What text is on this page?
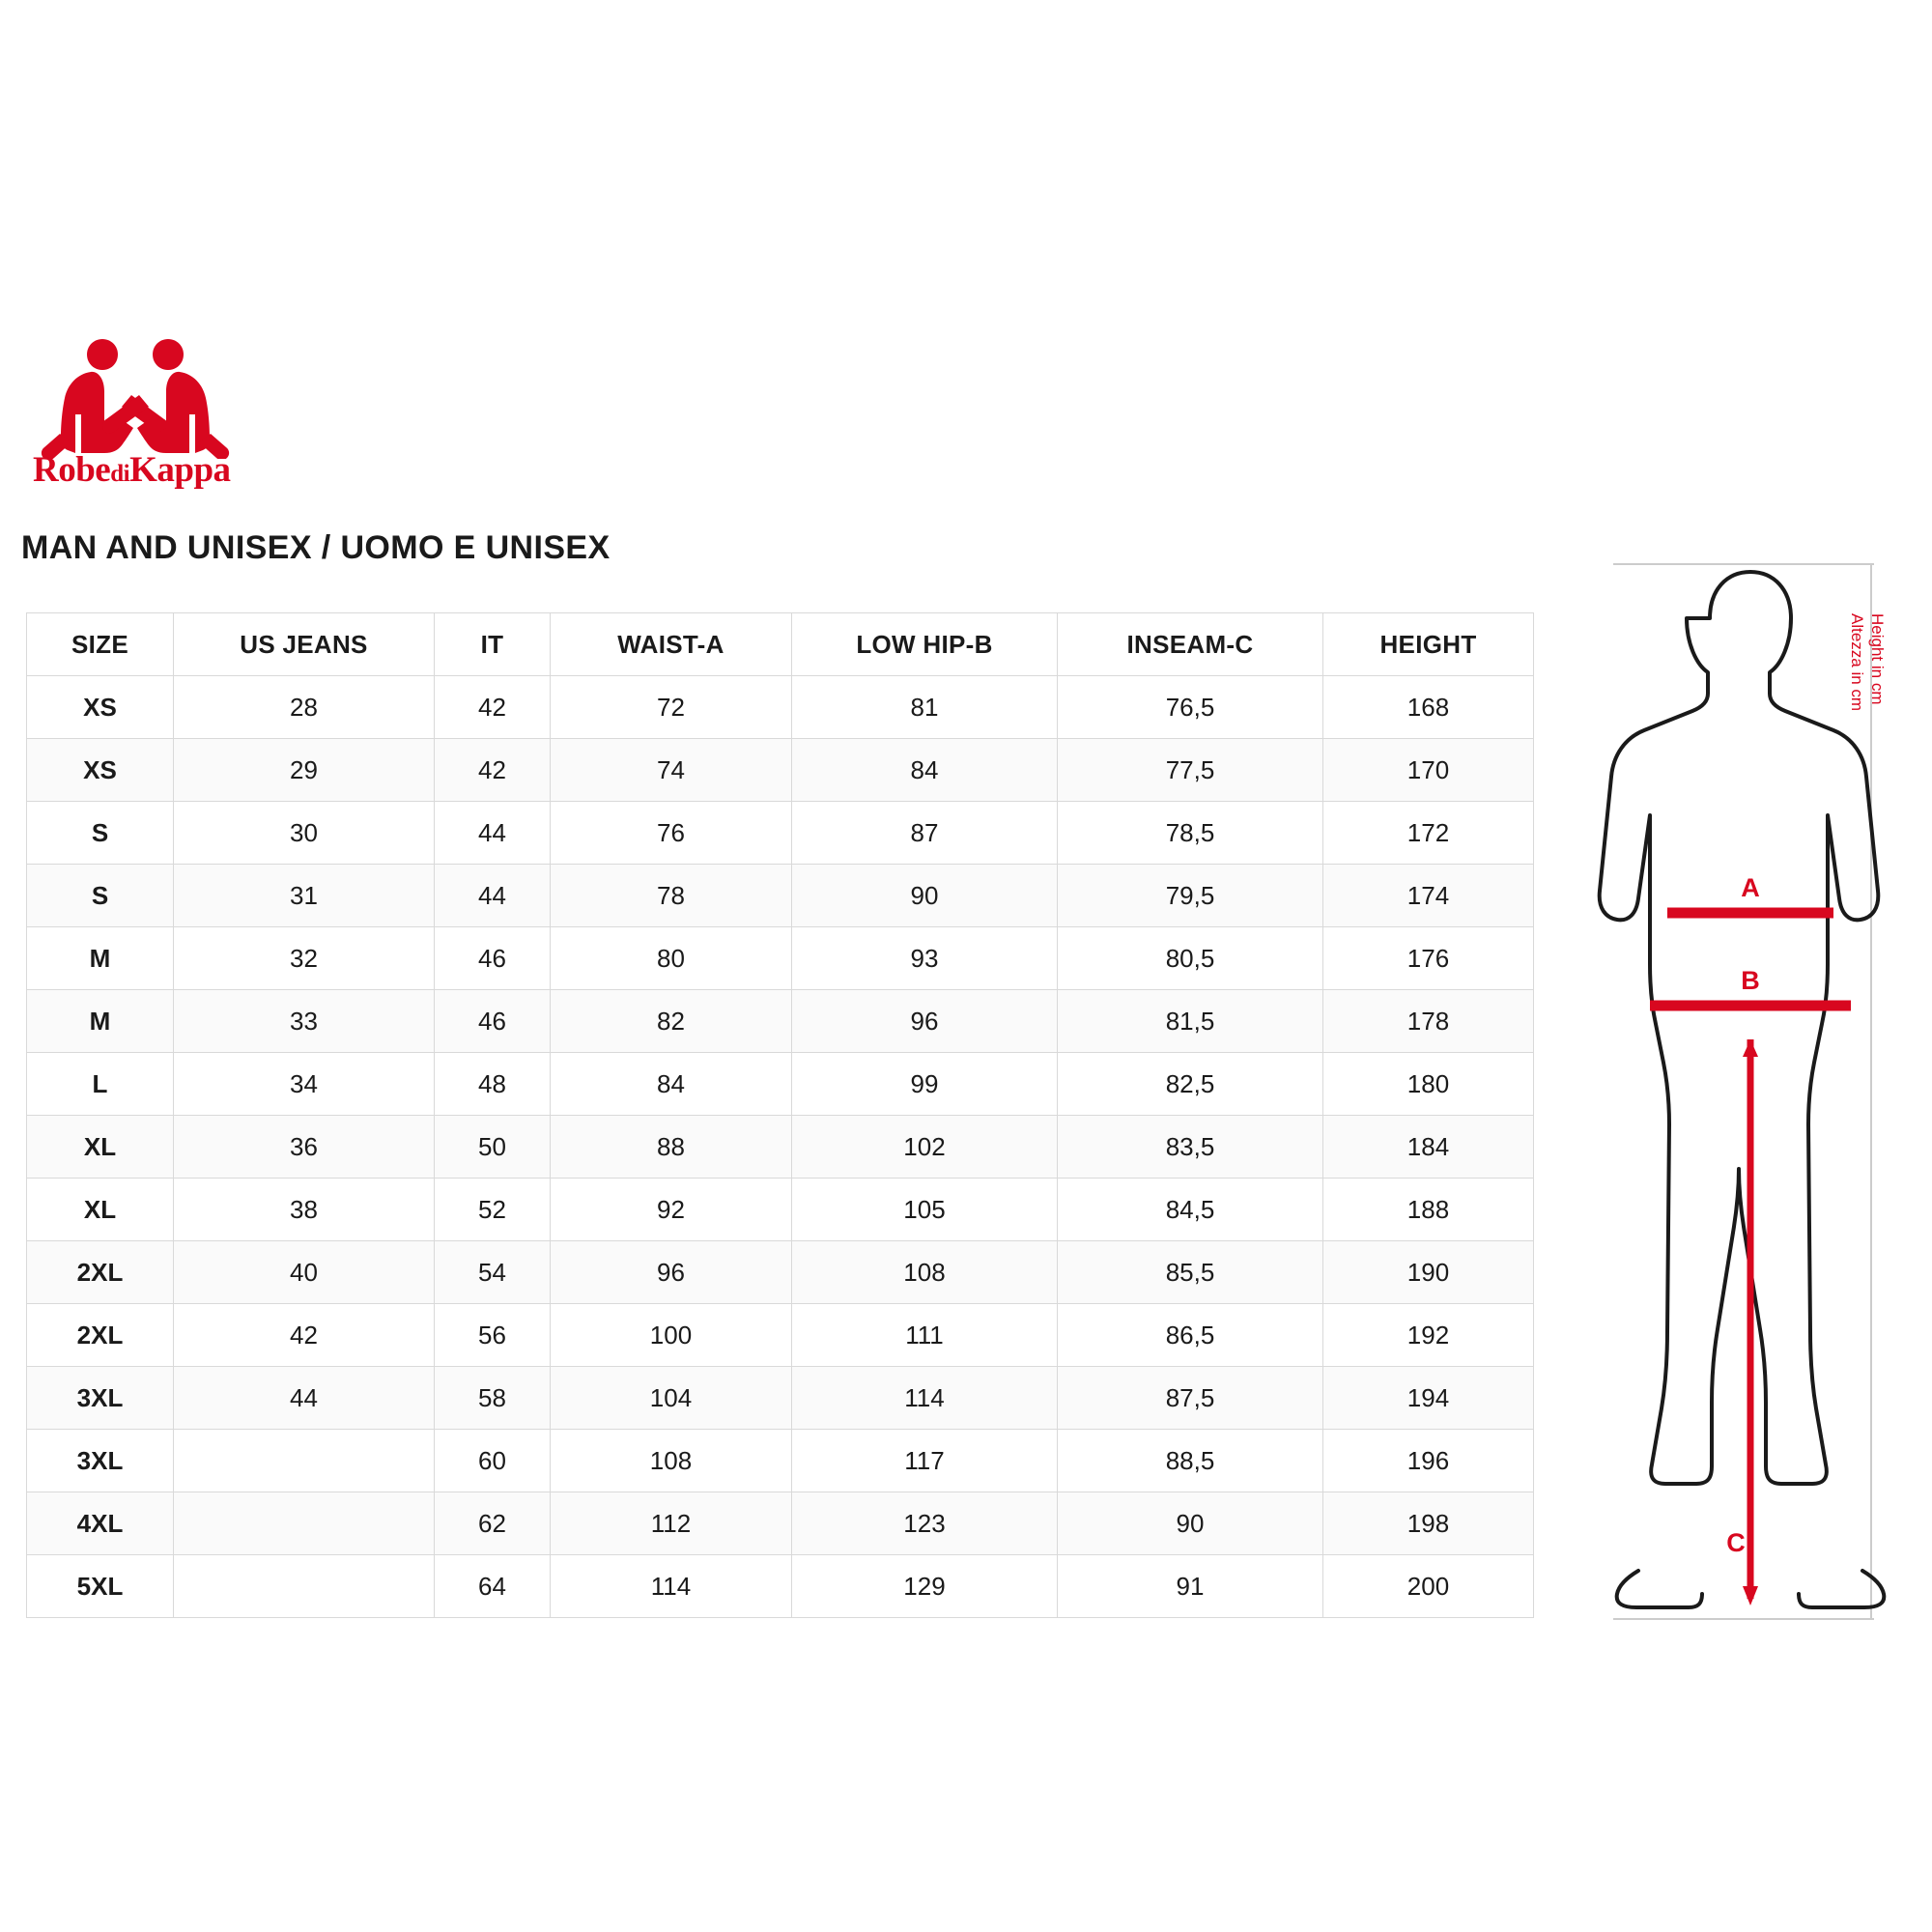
RobediKappa
MAN AND UNISEX / UOMO E UNISEX
SIZE	US JEANS	IT	WAIST-A	LOW HIP-B	INSEAM-C	HEIGHT
XS	28	42	72	81	76,5	168
XS	29	42	74	84	77,5	170
S	30	44	76	87	78,5	172
S	31	44	78	90	79,5	174
M	32	46	80	93	80,5	176
M	33	46	82	96	81,5	178
L	34	48	84	99	82,5	180
XL	36	50	88	102	83,5	184
XL	38	52	92	105	84,5	188
2XL	40	54	96	108	85,5	190
2XL	42	56	100	111	86,5	192
3XL	44	58	104	114	87,5	194
3XL		60	108	117	88,5	196
4XL		62	112	123	90	198
5XL		64	114	129	91	200
A
B
C
Height in cm
Altezza in cm
